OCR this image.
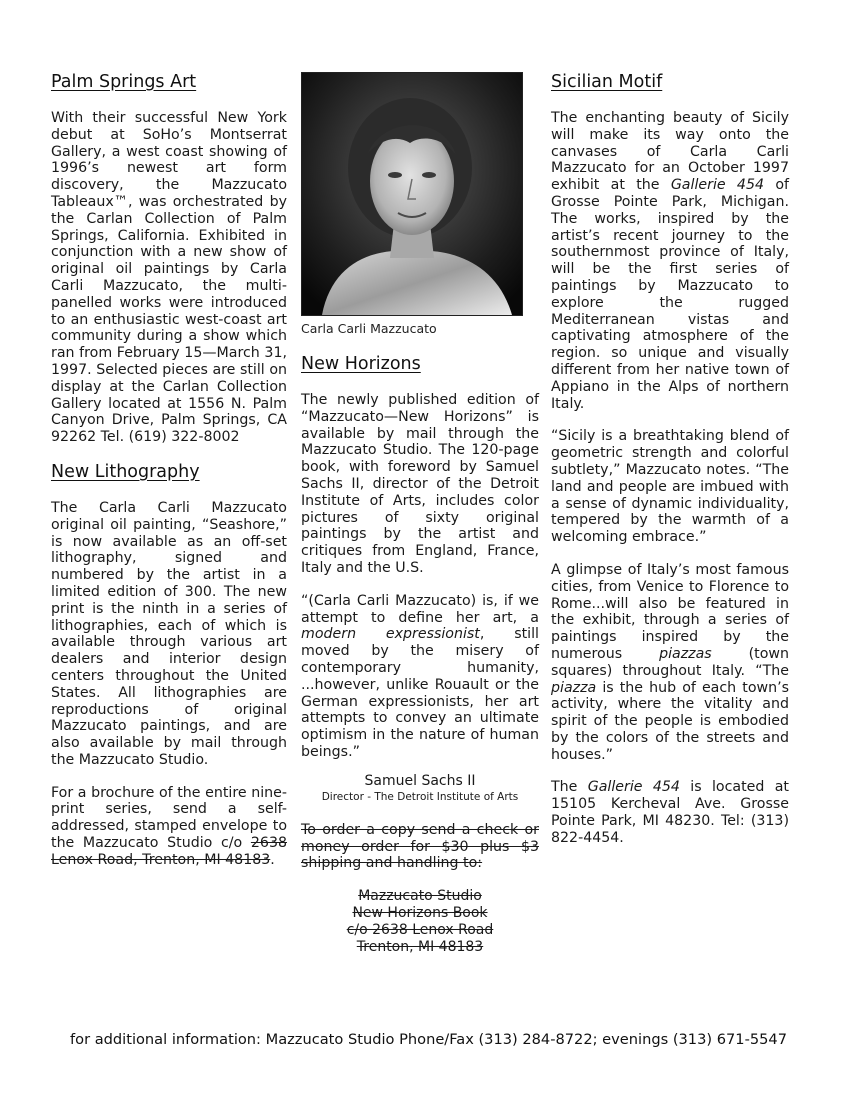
Palm Springs Art

With their successful New York debut at SoHo’s Montserrat Gallery, a west coast showing of 1996’s newest art form discovery, the Mazzucato Tableaux™, was orchestrated by the Carlan Collection of Palm Springs, California. Exhibited in conjunction with a new show of original oil paintings by Carla Carli Mazzucato, the multi-panelled works were introduced to an enthusiastic west-coast art community during a show which ran from February 15—March 31, 1997. Selected pieces are still on display at the Carlan Collection Gallery located at 1556 N. Palm Canyon Drive, Palm Springs, CA 92262 Tel. (619) 322-8002

New Lithography

The Carla Carli Mazzucato original oil painting, “Seashore,” is now available as an off-set lithography, signed and numbered by the artist in a limited edition of 300. The new print is the ninth in a series of lithographies, each of which is available through various art dealers and interior design centers throughout the United States. All lithographies are reproductions of original Mazzucato paintings, and are also available by mail through the Mazzucato Studio.

For a brochure of the entire nine-print series, send a self-addressed, stamped envelope to the Mazzucato Studio c/o 2638 Lenox Road, Trenton, MI 48183.

Carla Carli Mazzucato
New Horizons

The newly published edition of “Mazzucato—New Horizons” is available by mail through the Mazzucato Studio. The 120-page book, with foreword by Samuel Sachs II, director of the Detroit Institute of Arts, includes color pictures of sixty original paintings by the artist and critiques from England, France, Italy and the U.S.

“(Carla Carli Mazzucato) is, if we attempt to define her art, a modern expressionist, still moved by the misery of contemporary humanity, ...however, unlike Rouault or the German expressionists, her art attempts to convey an ultimate optimism in the nature of human beings.”

Samuel Sachs II
Director - The Detroit Institute of Arts

To order a copy send a check or money order for $30 plus $3 shipping and handling to:

Mazzucato Studio
New Horizons Book
c/o 2638 Lenox Road
Trenton, MI 48183
Sicilian Motif

The enchanting beauty of Sicily will make its way onto the canvases of Carla Carli Mazzucato for an October 1997 exhibit at the Gallerie 454 of Grosse Pointe Park, Michigan. The works, inspired by the artist’s recent journey to the southernmost province of Italy, will be the first series of paintings by Mazzucato to explore the rugged Mediterranean vistas and captivating atmosphere of the region. so unique and visually different from her native town of Appiano in the Alps of northern Italy.

“Sicily is a breathtaking blend of geometric strength and colorful subtlety,” Mazzucato notes. “The land and people are imbued with a sense of dynamic individuality, tempered by the warmth of a welcoming embrace.”

A glimpse of Italy’s most famous cities, from Venice to Florence to Rome...will also be featured in the exhibit, through a series of paintings inspired by the numerous piazzas (town squares) throughout Italy. “The piazza is the hub of each town’s activity, where the vitality and spirit of the people is embodied by the colors of the streets and houses.”

The Gallerie 454 is located at 15105 Kercheval Ave. Grosse Pointe Park, MI 48230. Tel: (313) 822-4454.

for additional information: Mazzucato Studio Phone/Fax (313) 284-8722; evenings (313) 671-5547
